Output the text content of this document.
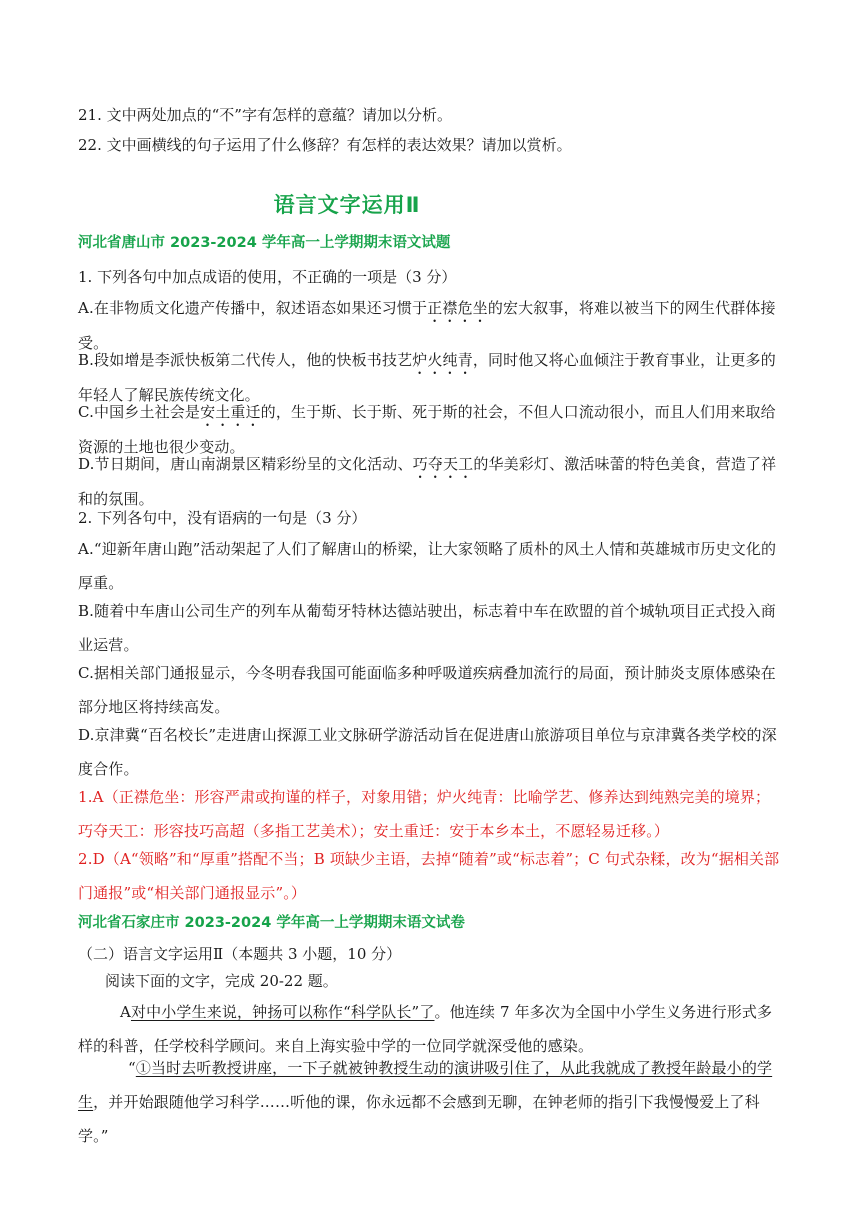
21. 文中两处加点的“不”字有怎样的意蕴？请加以分析。

22. 文中画横线的句子运用了什么修辞？有怎样的表达效果？请加以赏析。

语言文字运用Ⅱ

河北省唐山市 2023-2024 学年高一上学期期末语文试题

1. 下列各句中加点成语的使用，不正确的一项是（3 分）

A.在非物质文化遗产传播中，叙述语态如果还习惯于正襟危坐的宏大叙事，将难以被当下的网生代群体接受。

B.段如增是李派快板第二代传人，他的快板书技艺炉火纯青，同时他又将心血倾注于教育事业，让更多的年轻人了解民族传统文化。

C.中国乡土社会是安土重迁的，生于斯、长于斯、死于斯的社会，不但人口流动很小，而且人们用来取给资源的土地也很少变动。

D.节日期间，唐山南湖景区精彩纷呈的文化活动、巧夺天工的华美彩灯、激活味蕾的特色美食，营造了祥和的氛围。

2. 下列各句中，没有语病的一句是（3 分）

A.“迎新年唐山跑”活动架起了人们了解唐山的桥梁，让大家领略了质朴的风土人情和英雄城市历史文化的厚重。

B.随着中车唐山公司生产的列车从葡萄牙特林达德站驶出，标志着中车在欧盟的首个城轨项目正式投入商业运营。

C.据相关部门通报显示，今冬明春我国可能面临多种呼吸道疾病叠加流行的局面，预计肺炎支原体感染在部分地区将持续高发。

D.京津冀“百名校长”走进唐山探源工业文脉研学游活动旨在促进唐山旅游项目单位与京津冀各类学校的深度合作。

1.A（正襟危坐：形容严肃或拘谨的样子，对象用错；炉火纯青：比喻学艺、修养达到纯熟完美的境界；巧夺天工：形容技巧高超（多指工艺美术）；安土重迁：安于本乡本土，不愿轻易迁移。）

2.D（A“领略”和“厚重”搭配不当；B 项缺少主语，去掉“随着”或“标志着”；C 句式杂糅，改为“据相关部门通报”或“相关部门通报显示”。）

河北省石家庄市 2023-2024 学年高一上学期期末语文试卷

（二）语言文字运用Ⅱ（本题共 3 小题，10 分）

阅读下面的文字，完成 20-22 题。

A对中小学生来说，钟扬可以称作“科学队长”了。他连续 7 年多次为全国中小学生义务进行形式多样的科普，任学校科学顾问。来自上海实验中学的一位同学就深受他的感染。

“①当时去听教授讲座，一下子就被钟教授生动的演讲吸引住了，从此我就成了教授年龄最小的学生，并开始跟随他学习科学……听他的课，你永远都不会感到无聊，在钟老师的指引下我慢慢爱上了科学。”
